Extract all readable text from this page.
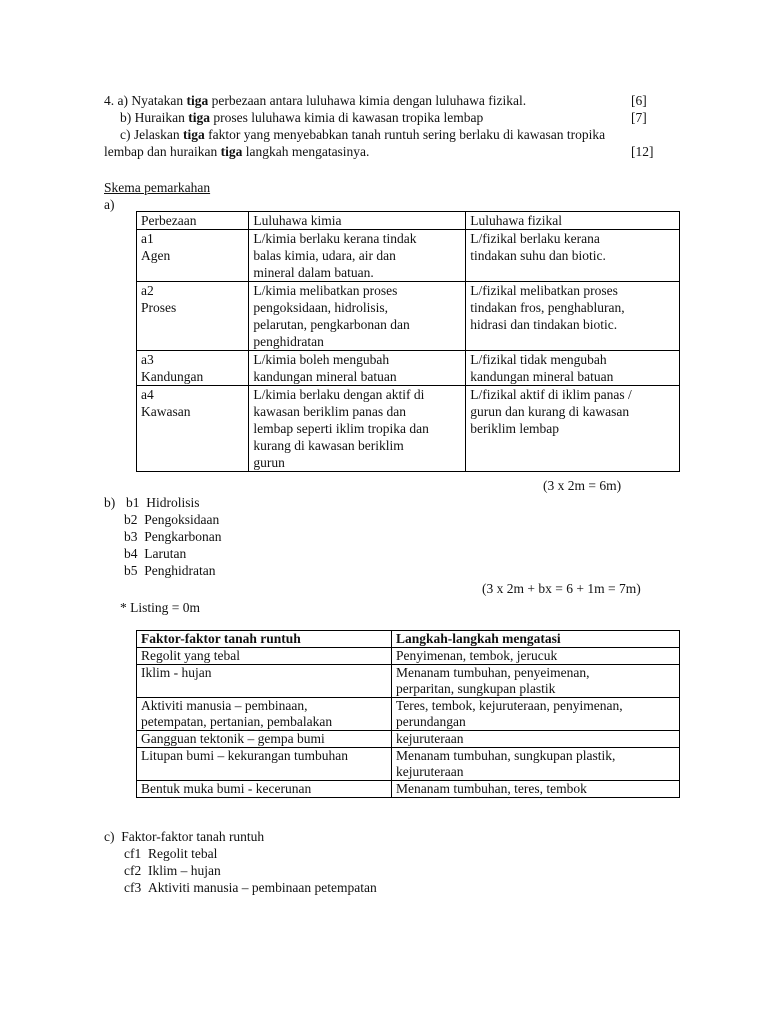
4. a) Nyatakan tiga perbezaan antara luluhawa kimia dengan luluhawa fizikal.	[6]
b) Huraikan tiga proses luluhawa kimia di kawasan tropika lembap	[7]
c) Jelaskan tiga faktor yang menyebabkan tanah runtuh sering berlaku di kawasan tropika
lembap dan huraikan tiga langkah mengatasinya.	[12]
Skema pemarkahan
a)
Perbezaan	Luluhawa kimia	Luluhawa fizikal

a1
Agen	L/kimia berlaku kerana tindak
balas kimia, udara, air dan
mineral dalam batuan.	L/fizikal berlaku kerana
tindakan suhu dan biotic.

a2
Proses	L/kimia melibatkan proses
pengoksidaan, hidrolisis,
pelarutan, pengkarbonan dan
penghidratan	L/fizikal melibatkan proses
tindakan fros, penghabluran,
hidrasi dan tindakan biotic.

a3
Kandungan	L/kimia boleh mengubah
kandungan mineral batuan	L/fizikal tidak mengubah
kandungan mineral batuan

a4
Kawasan	L/kimia berlaku dengan aktif di
kawasan beriklim panas dan
lembap seperti iklim tropika dan
kurang di kawasan beriklim
gurun	L/fizikal aktif di iklim panas /
gurun dan kurang di kawasan
beriklim lembap
(3 x 2m = 6m)
b) b1 Hidrolisis
b2 Pengoksidaan
b3 Pengkarbonan
b4 Larutan
b5 Penghidratan
(3 x 2m + bx = 6 + 1m = 7m)
* Listing = 0m
Faktor-faktor tanah runtuh	Langkah-langkah mengatasi

Regolit yang tebal	Penyimenan, tembok, jerucuk

Iklim - hujan	Menanam tumbuhan, penyeimenan,
perparitan, sungkupan plastik

Aktiviti manusia – pembinaan,
petempatan, pertanian, pembalakan	Teres, tembok, kejuruteraan, penyimenan,
perundangan

Gangguan tektonik – gempa bumi	kejuruteraan

Litupan bumi – kekurangan tumbuhan	Menanam tumbuhan, sungkupan plastik,
kejuruteraan

Bentuk muka bumi - kecerunan	Menanam tumbuhan, teres, tembok
c) Faktor-faktor tanah runtuh
cf1 Regolit tebal
cf2 Iklim – hujan
cf3 Aktiviti manusia – pembinaan petempatan
